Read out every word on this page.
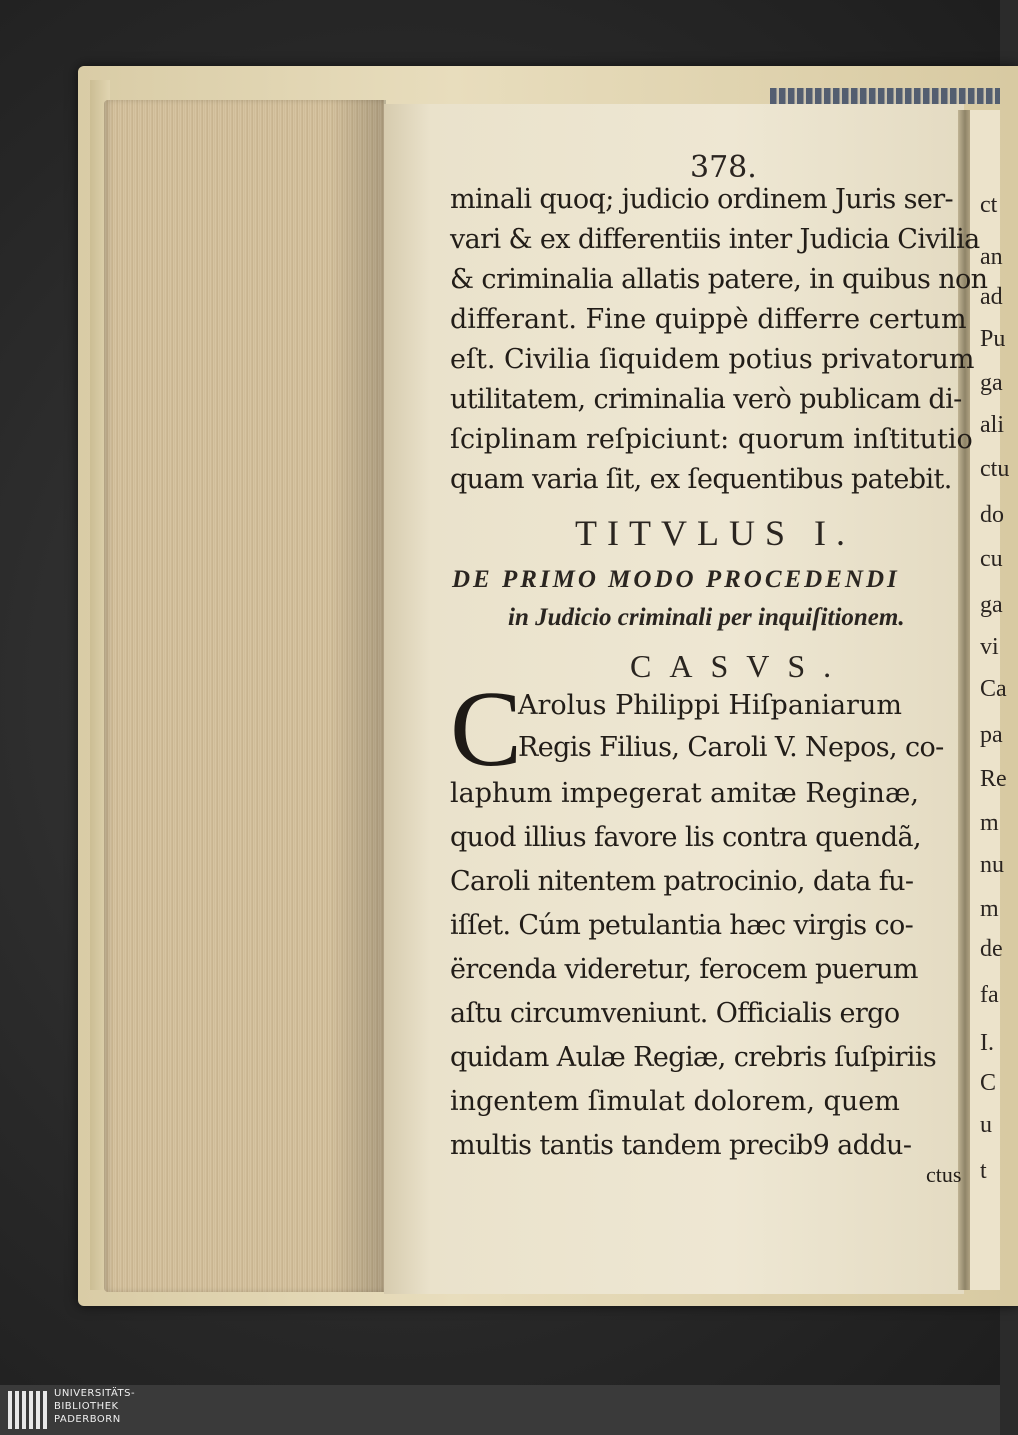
378.
minali quoq; judicio ordinem Juris ser-
vari & ex differentiis inter Judicia Civilia
& criminalia allatis patere, in quibus non
differant. Fine quippè differre certum
eſt. Civilia ſiquidem potius privatorum
utilitatem, criminalia verò publicam di-
ſciplinam reſpiciunt: quorum inſtitutio
quam varia ſit, ex ſequentibus patebit.
TITVLUS I.
DE PRIMO MODO PROCEDENDI
in Judicio criminali per inquiſitionem.
CASVS.
C
Arolus Philippi Hiſpaniarum
Regis Filius, Caroli V. Nepos, co-
laphum impegerat amitæ Reginæ,
quod illius favore lis contra quendã,
Caroli nitentem patrocinio, data fu-
iſſet. Cúm petulantia hæc virgis co-
ërcenda videretur, ferocem puerum
aſtu circumveniunt. Officialis ergo
quidam Aulæ Regiæ, crebris ſuſpiriis
ingentem ſimulat dolorem, quem
multis tantis tandem precib9 addu-
ctus
ct
an
ad
Pu
ga
ali
ctu
do
cu
ga
vi
Ca
pa
Re
m
nu
m
de
fa
I.
C
u
t
UNIVERSITÄTS-
BIBLIOTHEK
PADERBORN
